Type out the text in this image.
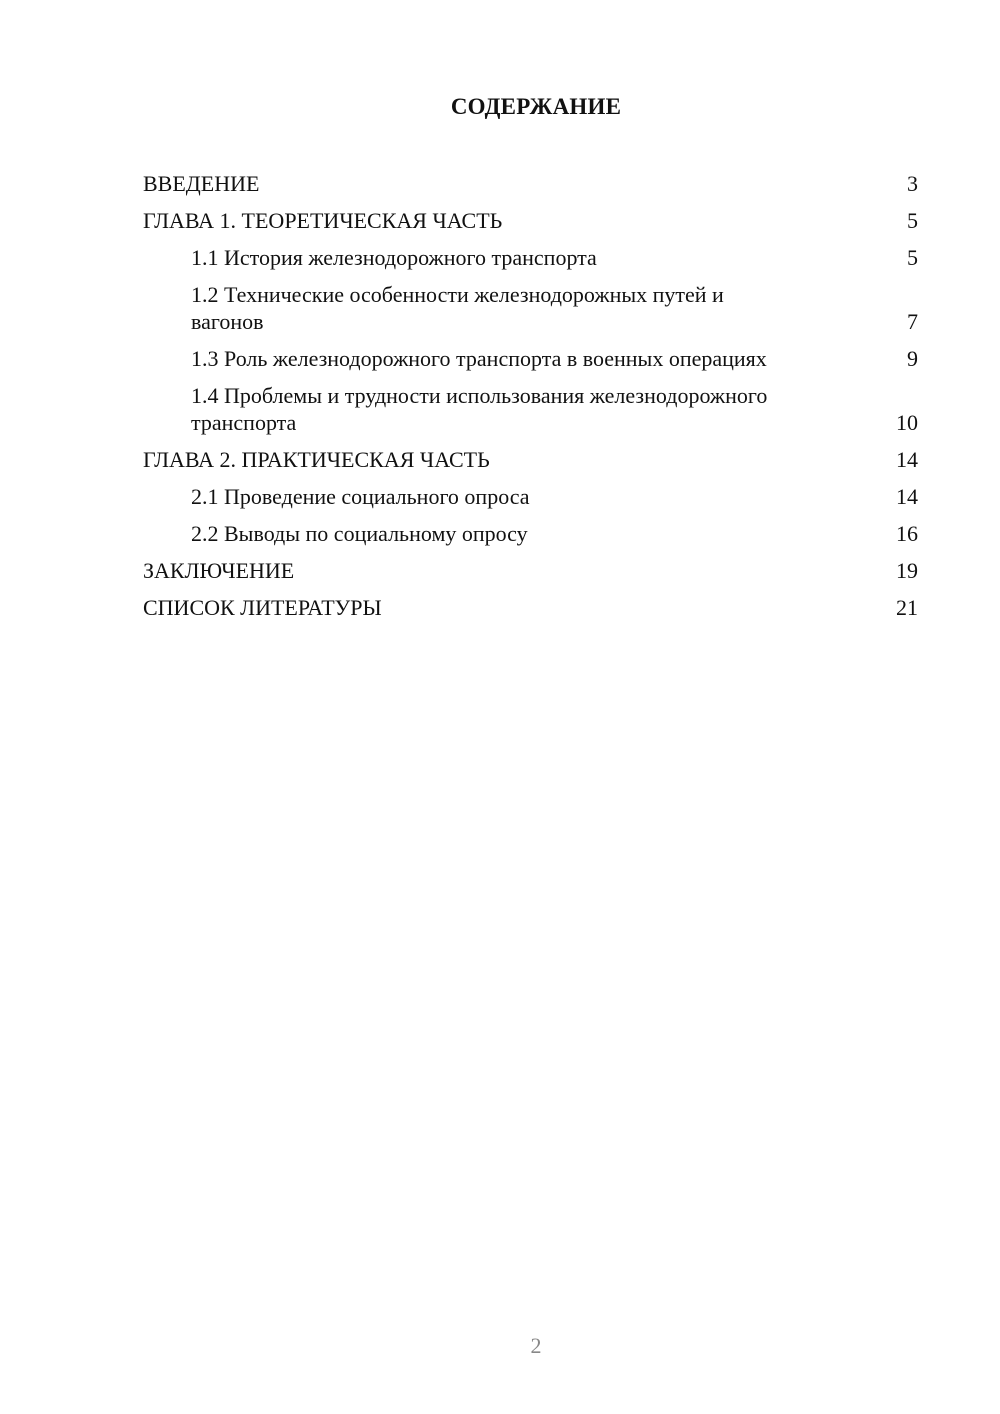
СОДЕРЖАНИЕ
ВВЕДЕНИЕ	3
ГЛАВА 1. ТЕОРЕТИЧЕСКАЯ ЧАСТЬ	5
1.1 История железнодорожного транспорта	5
1.2 Технические особенности железнодорожных путей и вагонов	7
1.3 Роль железнодорожного транспорта в военных операциях	9
1.4 Проблемы и трудности использования железнодорожного транспорта	10
ГЛАВА 2. ПРАКТИЧЕСКАЯ ЧАСТЬ	14
2.1 Проведение социального опроса	14
2.2 Выводы по социальному опросу	16
ЗАКЛЮЧЕНИЕ	19
СПИСОК ЛИТЕРАТУРЫ	21
2
